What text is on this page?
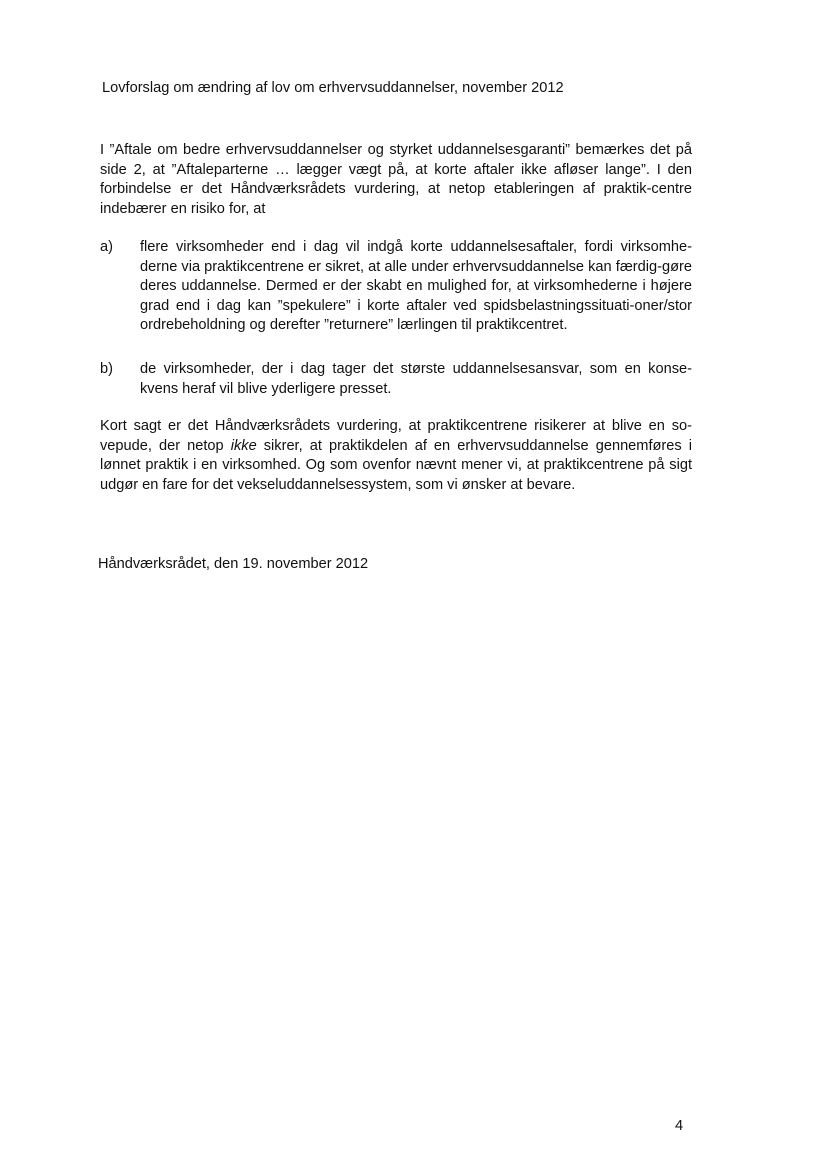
Lovforslag om ændring af lov om erhvervsuddannelser, november 2012
I ”Aftale om bedre erhvervsuddannelser og styrket uddannelsesgaranti” bemærkes det på side 2, at ”Aftaleparterne … lægger vægt på, at korte aftaler ikke afløser lange”. I den forbindelse er det Håndværksrådets vurdering, at netop etableringen af praktik-centre indebærer en risiko for, at
a)	flere virksomheder end i dag vil indgå korte uddannelsesaftaler, fordi virksomhe-derne via praktikcentrene er sikret, at alle under erhvervsuddannelse kan færdig-gøre deres uddannelse. Dermed er der skabt en mulighed for, at virksomhederne i højere grad end i dag kan ”spekulere” i korte aftaler ved spidsbelastningssituati-oner/stor ordrebeholdning og derefter ”returnere” lærlingen til praktikcentret.
b)	de virksomheder, der i dag tager det største uddannelsesansvar, som en konse-kvens heraf vil blive yderligere presset.
Kort sagt er det Håndværksrådets vurdering, at praktikcentrene risikerer at blive en so-vepude, der netop ikke sikrer, at praktikdelen af en erhvervsuddannelse gennemføres i lønnet praktik i en virksomhed. Og som ovenfor nævnt mener vi, at praktikcentrene på sigt udgør en fare for det vekseluddannelsessystem, som vi ønsker at bevare.
Håndværksrådet, den 19. november 2012
4
